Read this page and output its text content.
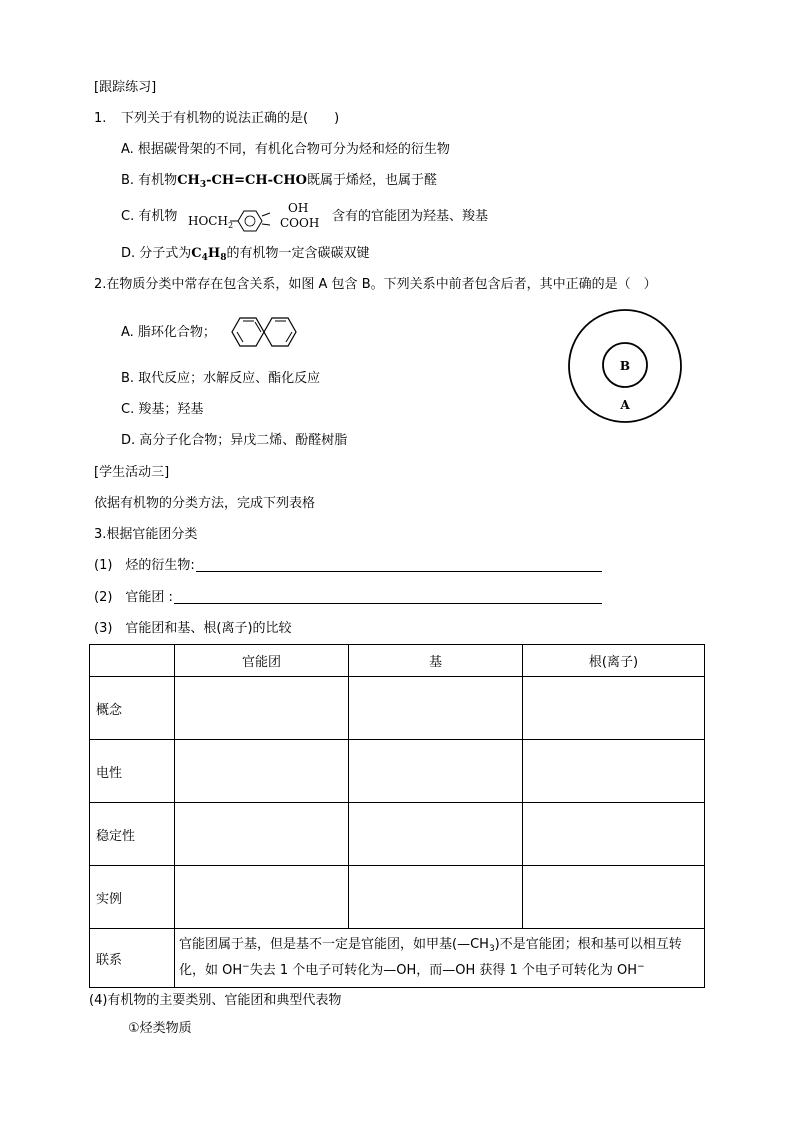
[跟踪练习]
1. 下列关于有机物的说法正确的是(　　)
A. 根据碳骨架的不同，有机化合物可分为烃和烃的衍生物
B. 有机物$CH_3-CH=CH$-CHO既属于烯烃，也属于醛
C. 有机物 $HOCH_2$
OH
COOH 含有的官能团为羟基、羧基
D. 分子式为$C_4H_8$的有机物一定含碳碳双键
2.在物质分类中常存在包含关系，如图 A 包含 B。下列关系中前者包含后者，其中正确的是（　）
A. 脂环化合物；
B. 取代反应；水解反应、酯化反应
C. 羧基；羟基
D. 高分子化合物；异戊二烯、酚醛树脂
B
A
[学生活动三]
依据有机物的分类方法，完成下列表格
3.根据官能团分类
(1)　烃的衍生物:
(2)　官能团 :
(3)　官能团和基、根(离子)的比较
	官能团	基	根(离子)
概念			
电性			
稳定性			
实例			
联系	官能团属于基，但是基不一定是官能团，如甲基$(—CH_3)$不是官能团；根和基可以相互转化，如 OH−失去 1 个电子可转化为—OH，而—OH 获得 1 个电子可转化为 OH−
(4)有机物的主要类别、官能团和典型代表物
①烃类物质
